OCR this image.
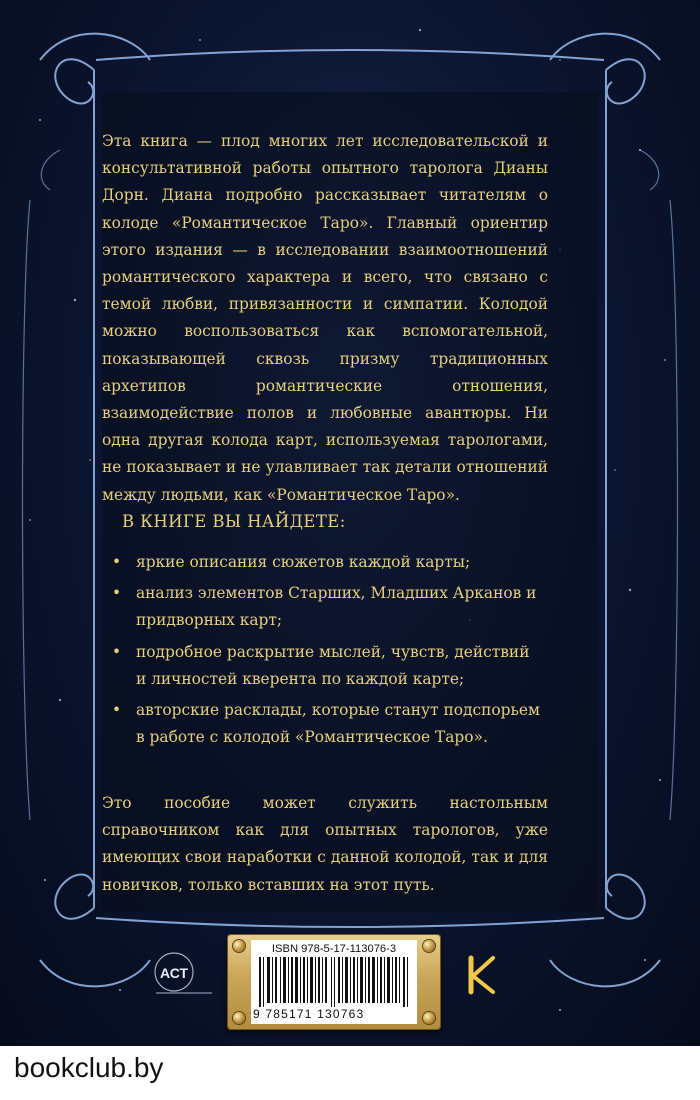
Эта книга — плод многих лет исследовательской и консультативной работы опытного таролога Дианы Дорн. Диана подробно рассказывает читателям о колоде «Романтическое Таро». Главный ориентир этого издания — в исследовании взаимоотношений романтического характера и всего, что связано с темой любви, привязанности и симпатии. Колодой можно воспользоваться как вспомогательной, показывающей сквозь призму традиционных архетипов романтические отношения, взаимодействие полов и любовные авантюры. Ни одна другая колода карт, используемая тарологами, не показывает и не улавливает так детали отношений между людьми, как «Романтическое Таро».

В КНИГЕ ВЫ НАЙДЕТЕ:

• яркие описания сюжетов каждой карты;
• анализ элементов Старших, Младших Арканов и придворных карт;
• подробное раскрытие мыслей, чувств, действий и личностей кверента по каждой карте;
• авторские расклады, которые станут подспорьем в работе с колодой «Романтическое Таро».

Это пособие может служить настольным справочником как для опытных тарологов, уже имеющих свои наработки с данной колодой, так и для новичков, только вставших на этот путь.

АСТ
ISBN 978-5-17-113076-3
9 785171 130763

bookclub.by
